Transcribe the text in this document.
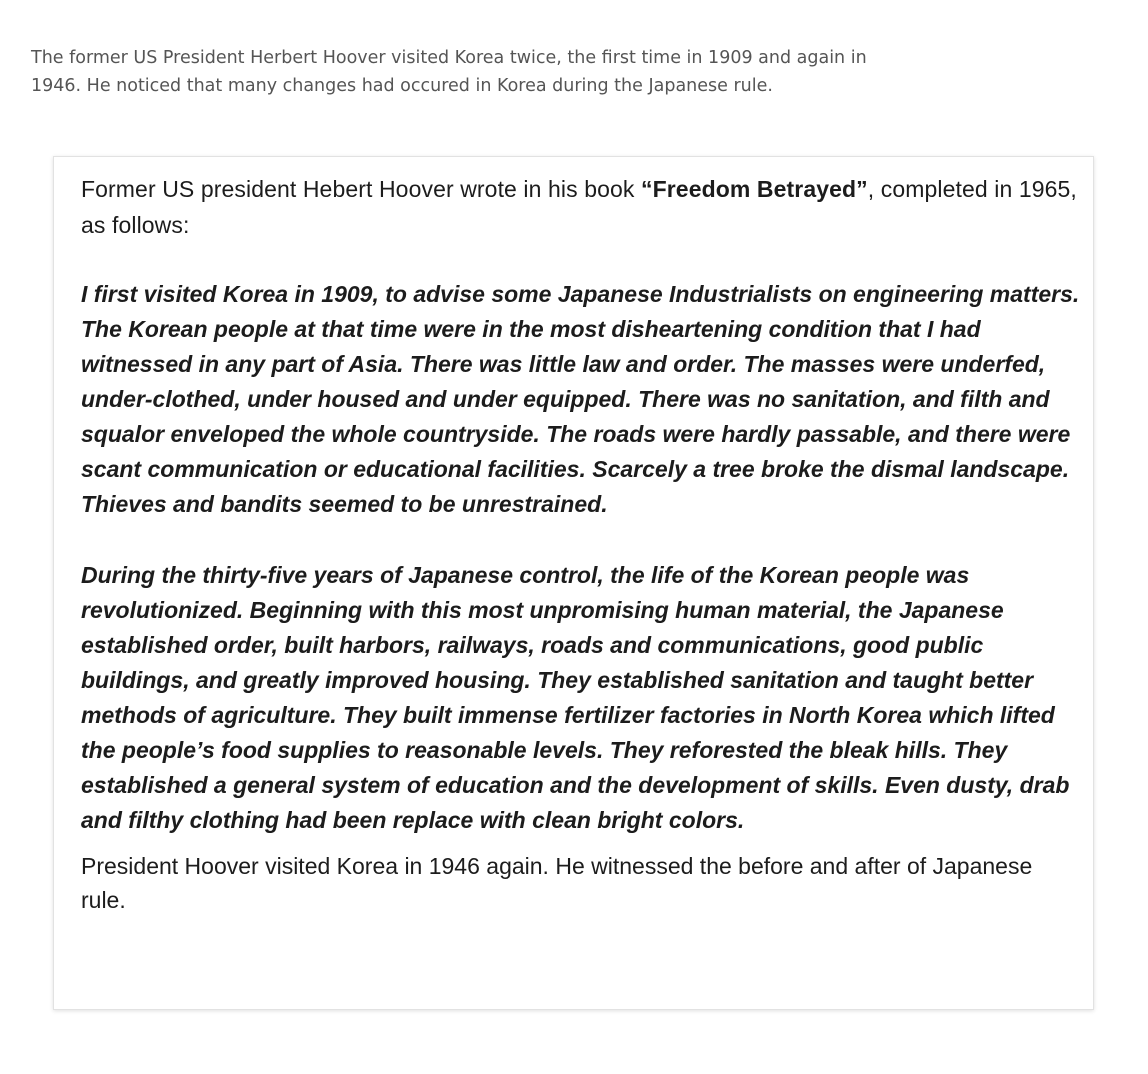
The former US President Herbert Hoover visited Korea twice, the first time in 1909 and again in 1946. He noticed that many changes had occured in Korea during the Japanese rule.

Former US president Hebert Hoover wrote in his book “Freedom Betrayed”, completed in 1965, as follows:

I first visited Korea in 1909, to advise some Japanese Industrialists on engineering matters. The Korean people at that time were in the most disheartening condition that I had witnessed in any part of Asia. There was little law and order. The masses were underfed, under-clothed, under housed and under equipped. There was no sanitation, and filth and squalor enveloped the whole countryside. The roads were hardly passable, and there were scant communication or educational facilities. Scarcely a tree broke the dismal landscape. Thieves and bandits seemed to be unrestrained.

During the thirty-five years of Japanese control, the life of the Korean people was revolutionized. Beginning with this most unpromising human material, the Japanese established order, built harbors, railways, roads and communications, good public buildings, and greatly improved housing. They established sanitation and taught better methods of agriculture. They built immense fertilizer factories in North Korea which lifted the people’s food supplies to reasonable levels. They reforested the bleak hills. They established a general system of education and the development of skills. Even dusty, drab and filthy clothing had been replace with clean bright colors.

President Hoover visited Korea in 1946 again. He witnessed the before and after of Japanese rule.
